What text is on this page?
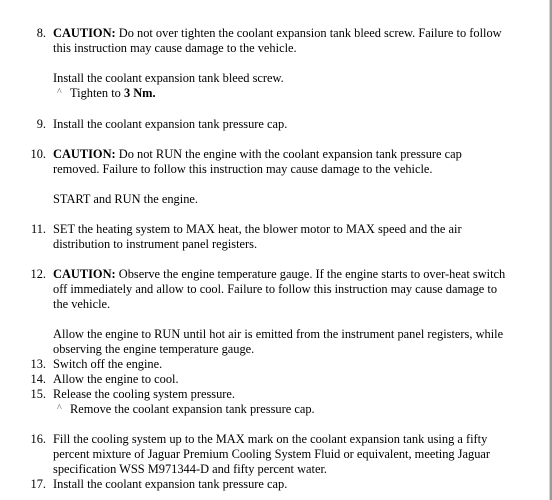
8. CAUTION: Do not over tighten the coolant expansion tank bleed screw. Failure to follow this instruction may cause damage to the vehicle.
Install the coolant expansion tank bleed screw.
^ Tighten to 3 Nm.
9. Install the coolant expansion tank pressure cap.
10. CAUTION: Do not RUN the engine with the coolant expansion tank pressure cap removed. Failure to follow this instruction may cause damage to the vehicle.
START and RUN the engine.
11. SET the heating system to MAX heat, the blower motor to MAX speed and the air distribution to instrument panel registers.
12. CAUTION: Observe the engine temperature gauge. If the engine starts to over-heat switch off immediately and allow to cool. Failure to follow this instruction may cause damage to the vehicle.
Allow the engine to RUN until hot air is emitted from the instrument panel registers, while observing the engine temperature gauge.
13. Switch off the engine.
14. Allow the engine to cool.
15. Release the cooling system pressure.
^ Remove the coolant expansion tank pressure cap.
16. Fill the cooling system up to the MAX mark on the coolant expansion tank using a fifty percent mixture of Jaguar Premium Cooling System Fluid or equivalent, meeting Jaguar specification WSS M971344-D and fifty percent water.
17. Install the coolant expansion tank pressure cap.
